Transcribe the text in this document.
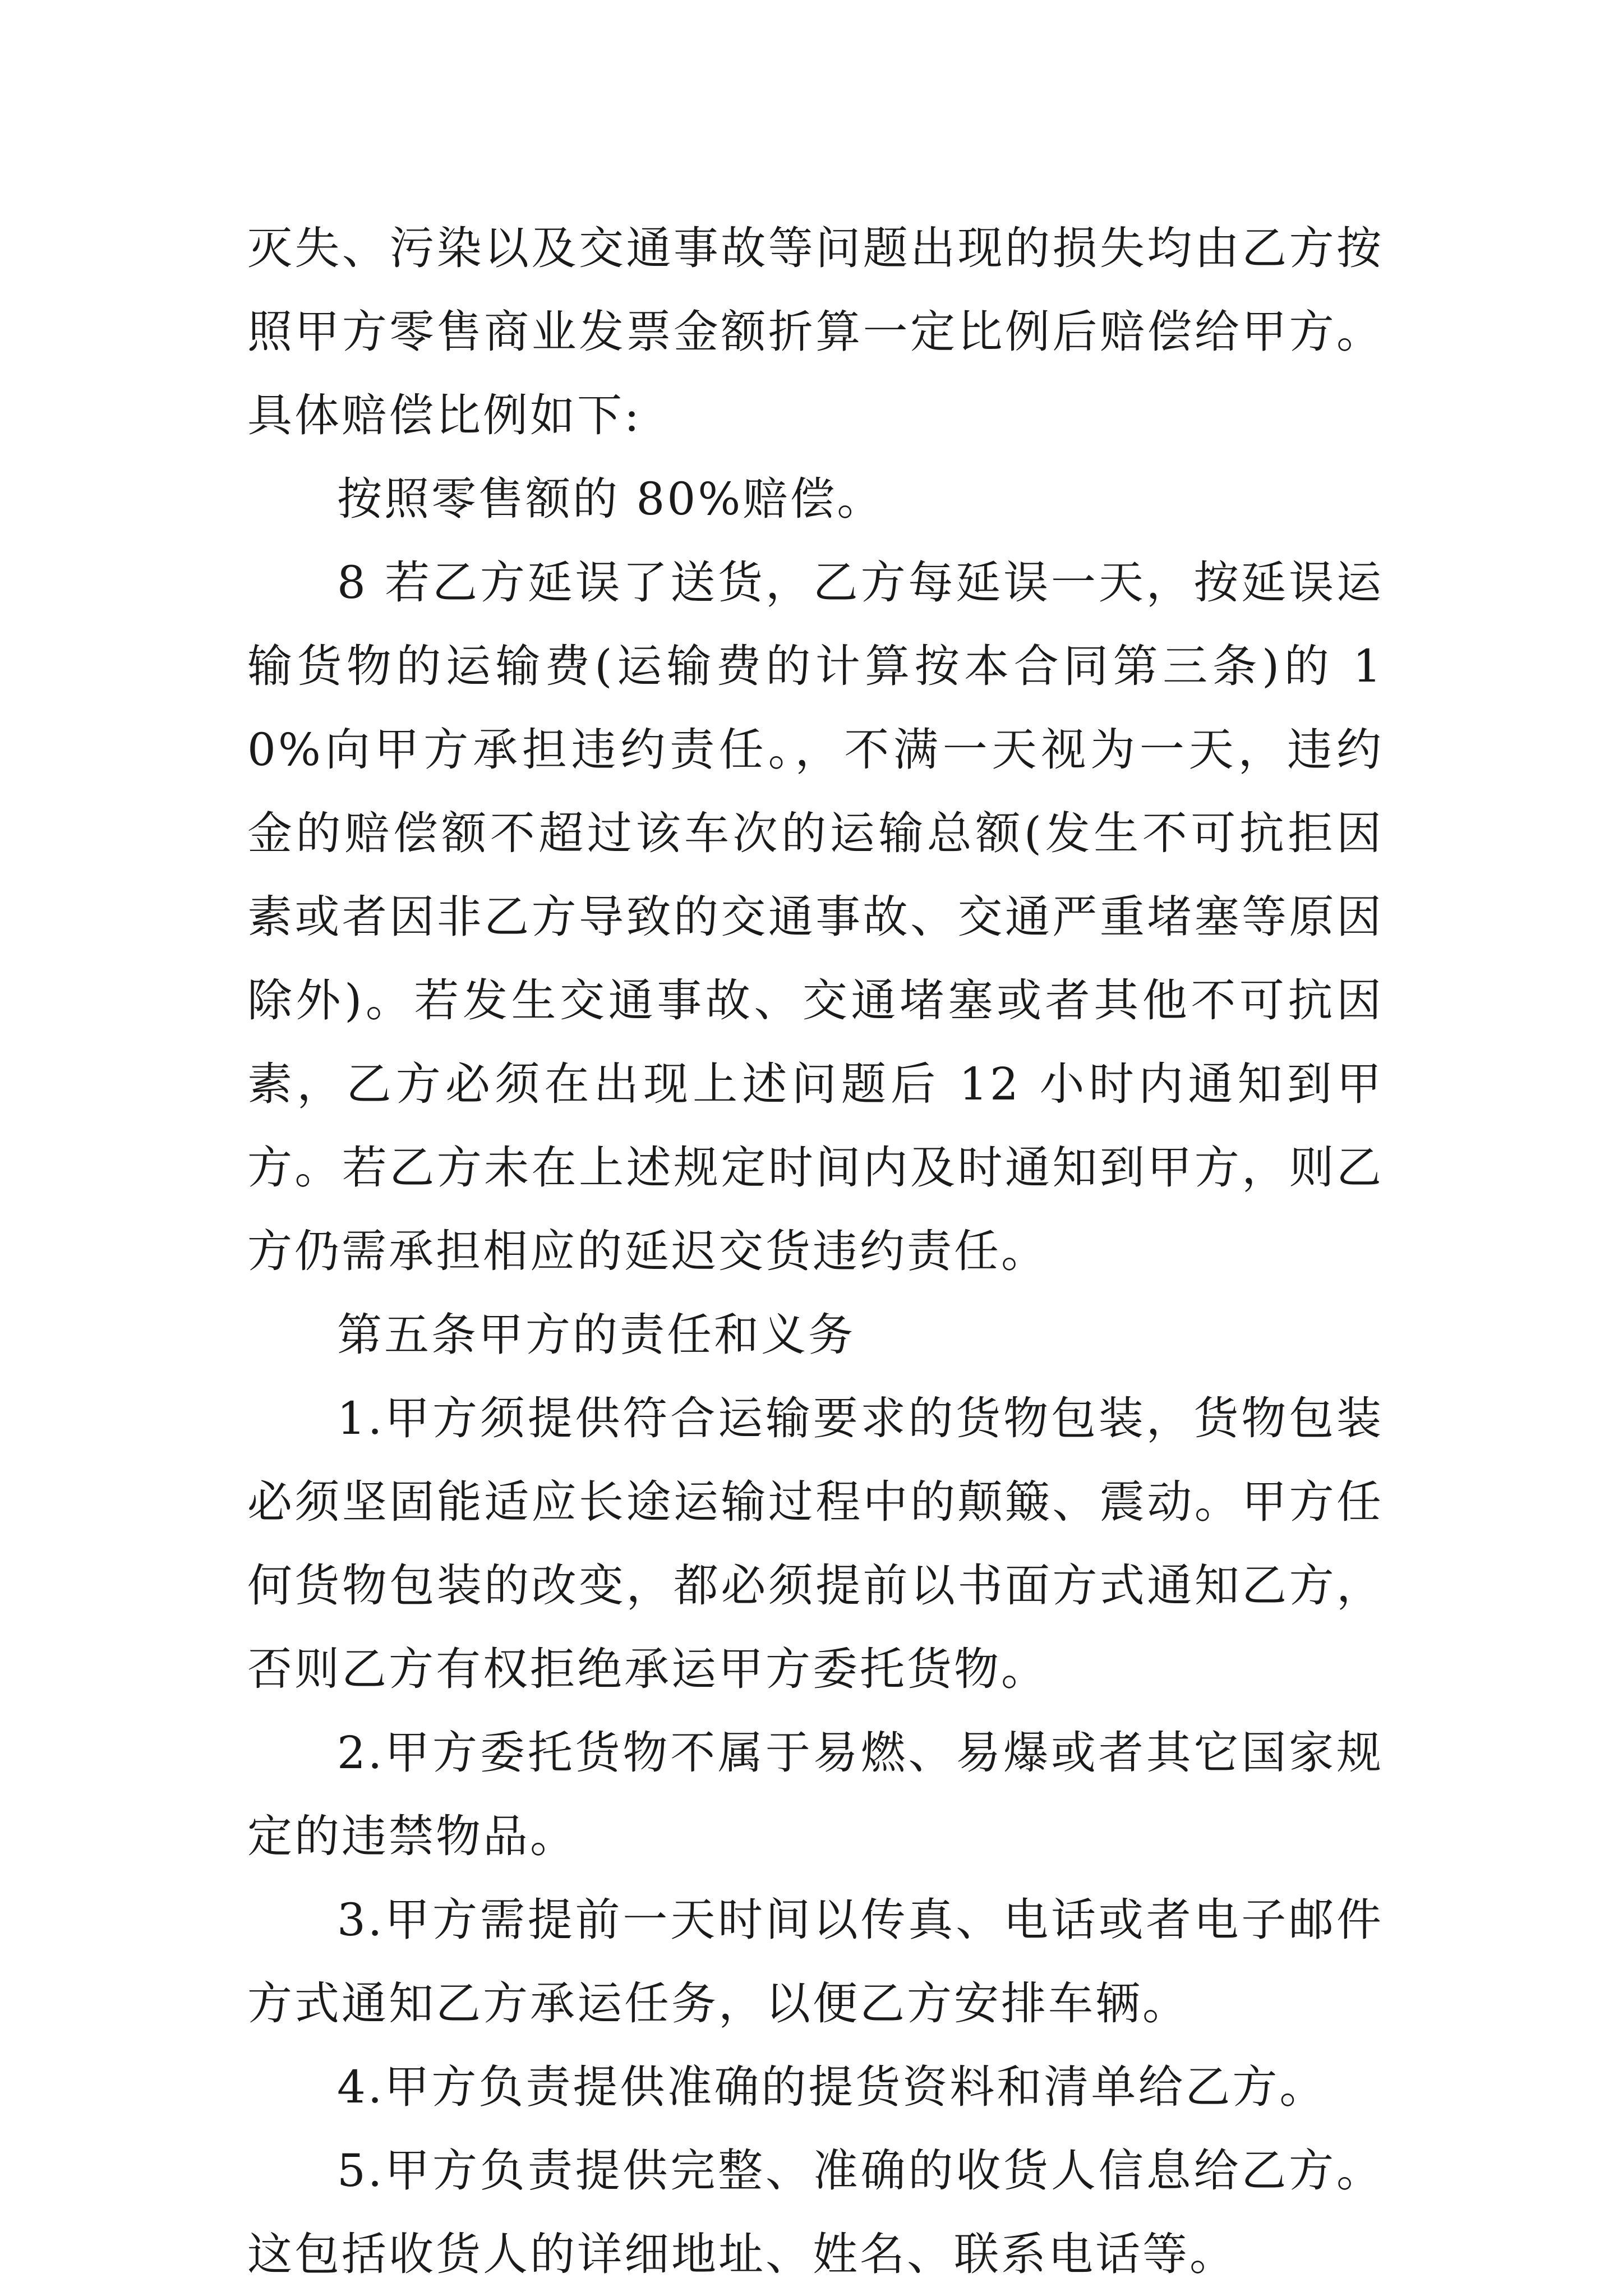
灭失、污染以及交通事故等问题出现的损失均由乙方按照甲方零售商业发票金额折算一定比例后赔偿给甲方。具体赔偿比例如下:

按照零售额的 80%赔偿。

8 若乙方延误了送货，乙方每延误一天，按延误运输货物的运输费(运输费的计算按本合同第三条)的 10%向甲方承担违约责任。，不满一天视为一天，违约金的赔偿额不超过该车次的运输总额(发生不可抗拒因素或者因非乙方导致的交通事故、交通严重堵塞等原因除外)。若发生交通事故、交通堵塞或者其他不可抗因素，乙方必须在出现上述问题后 12 小时内通知到甲方。若乙方未在上述规定时间内及时通知到甲方，则乙方仍需承担相应的延迟交货违约责任。

第五条甲方的责任和义务

1.甲方须提供符合运输要求的货物包装，货物包装必须坚固能适应长途运输过程中的颠簸、震动。甲方任何货物包装的改变，都必须提前以书面方式通知乙方，否则乙方有权拒绝承运甲方委托货物。

2.甲方委托货物不属于易燃、易爆或者其它国家规定的违禁物品。

3.甲方需提前一天时间以传真、电话或者电子邮件方式通知乙方承运任务，以便乙方安排车辆。

4.甲方负责提供准确的提货资料和清单给乙方。

5.甲方负责提供完整、准确的收货人信息给乙方。这包括收货人的详细地址、姓名、联系电话等。
